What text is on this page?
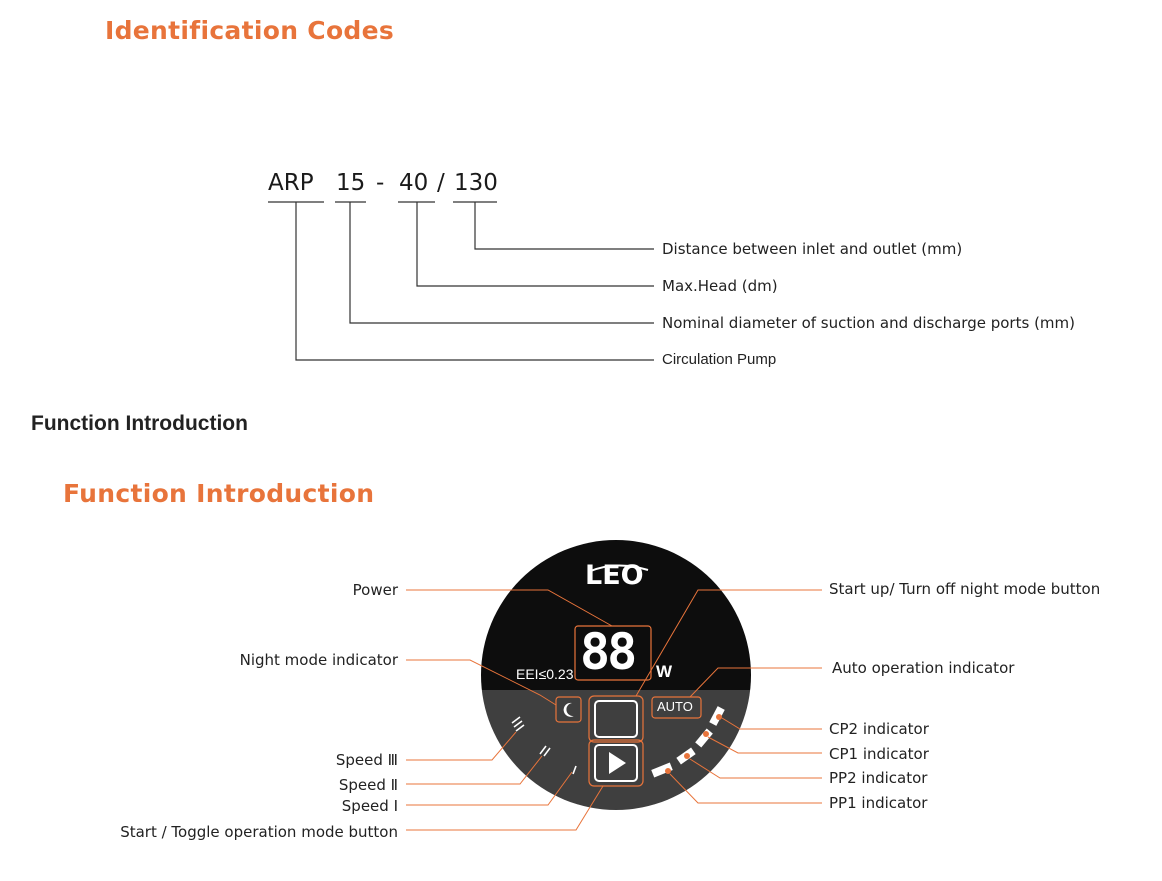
Identification Codes
Function Introduction
Function Introduction
ARP 15 - 40 / 130
Distance between inlet and outlet (mm)
Max.Head (dm)
Nominal diameter of suction and discharge ports (mm)
Circulation Pump
LEO
88
EEI≤0.23	W
AUTO
Power
Night mode indicator
Speed Ⅲ
Speed Ⅱ
Speed Ⅰ
Start / Toggle operation mode button
Start up/ Turn off night mode button
Auto operation indicator
CP2 indicator
CP1 indicator
PP2 indicator
PP1 indicator
